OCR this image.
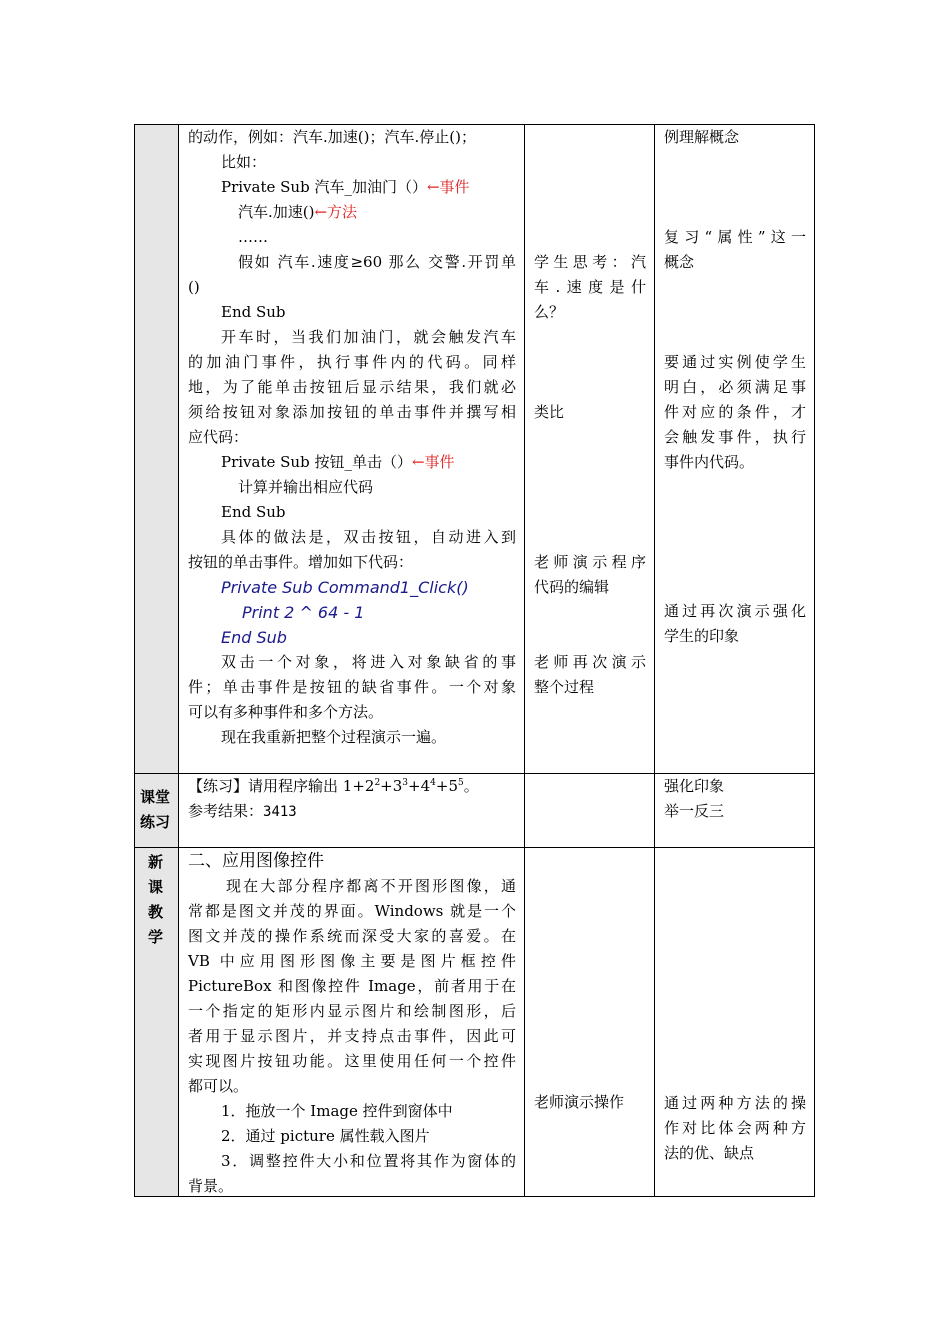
的动作，例如：汽车.加速()；汽车.停止()；
比如：
Private Sub 汽车_加油门（）←事件
汽车.加速()←方法
……
假如 汽车.速度≥60 那么 交警.开罚单
()
End Sub
开车时，当我们加油门，就会触发汽车
的加油门事件，执行事件内的代码。同样
地，为了能单击按钮后显示结果，我们就必
须给按钮对象添加按钮的单击事件并撰写相
应代码：
Private Sub 按钮_单击（）←事件
计算并输出相应代码
End Sub
具体的做法是，双击按钮，自动进入到
按钮的单击事件。增加如下代码：
Private Sub Command1_Click()
Print 2 ^ 64 - 1
End Sub
双击一个对象，将进入对象缺省的事
件；单击事件是按钮的缺省事件。一个对象
可以有多种事件和多个方法。
现在我重新把整个过程演示一遍。
学生思考：汽
车.速度是什
么？
类比
老师演示程序
代码的编辑
老师再次演示
整个过程
例理解概念
复习“属性”这一
概念
要通过实例使学生
明白，必须满足事
件对应的条件，才
会触发事件，执行
事件内代码。
通过再次演示强化
学生的印象
课堂
练习
【练习】请用程序输出 $1+2^2+3^3+4^4+5^5$。
参考结果：3413
强化印象
举一反三
新
课
教
学
二、应用图像控件
现在大部分程序都离不开图形图像，通
常都是图文并茂的界面。Windows 就是一个
图文并茂的操作系统而深受大家的喜爱。在
VB 中应用图形图像主要是图片框控件
PictureBox 和图像控件 Image，前者用于在
一个指定的矩形内显示图片和绘制图形，后
者用于显示图片，并支持点击事件，因此可
实现图片按钮功能。这里使用任何一个控件
都可以。
1．拖放一个 Image 控件到窗体中
2．通过 picture 属性载入图片
3．调整控件大小和位置将其作为窗体的
背景。
老师演示操作	通过两种方法的操
作对比体会两种方
法的优、缺点
